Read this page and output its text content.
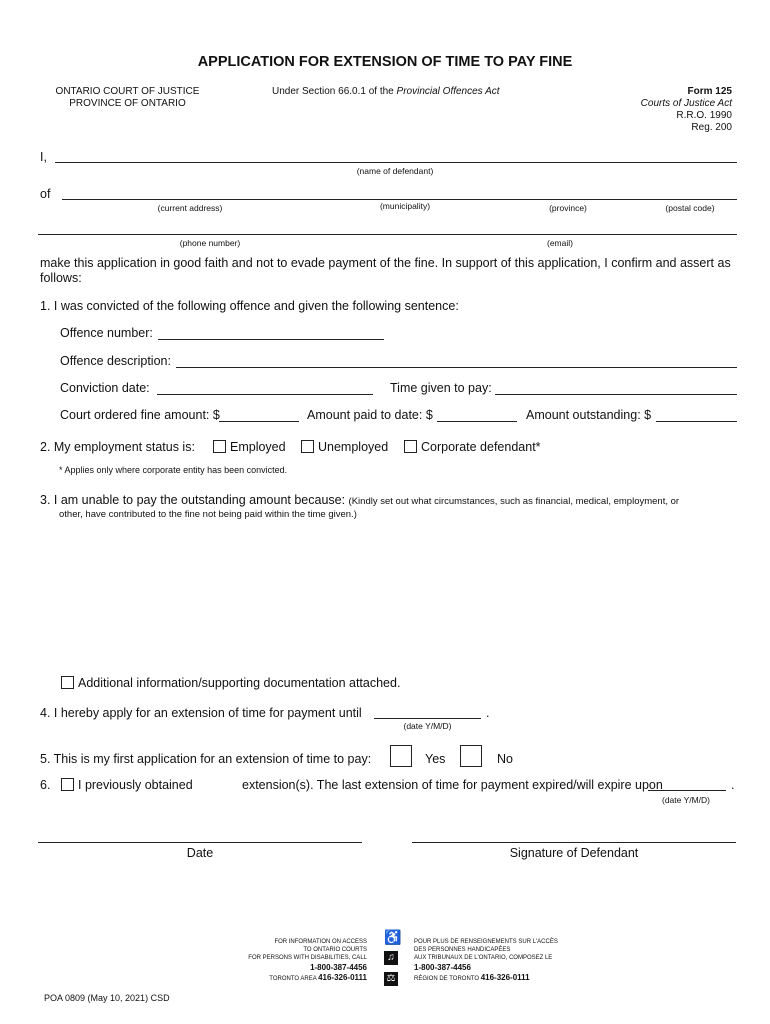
APPLICATION FOR EXTENSION OF TIME TO PAY FINE
ONTARIO COURT OF JUSTICE
PROVINCE OF ONTARIO
Under Section 66.0.1 of the Provincial Offences Act	Form 125
Courts of Justice Act
R.R.O. 1990
Reg. 200
I,
(name of defendant)
of
(current address)	(municipality)	(province)	(postal code)
(phone number)	(email)
make this application in good faith and not to evade payment of the fine. In support of this application, I confirm and assert as follows:
1. I was convicted of the following offence and given the following sentence:
Offence number:
Offence description:
Conviction date:	Time given to pay:
Court ordered fine amount: $	Amount paid to date: $	Amount outstanding: $
2. My employment status is:	Employed	Unemployed	Corporate defendant*
* Applies only where corporate entity has been convicted.
3. I am unable to pay the outstanding amount because: (Kindly set out what circumstances, such as financial, medical, employment, or
other, have contributed to the fine not being paid within the time given.)
Additional information/supporting documentation attached.
4. I hereby apply for an extension of time for payment until	.
(date Y/M/D)
5. This is my first application for an extension of time to pay:	Yes	No
6. I previously obtained	extension(s). The last extension of time for payment expired/will expire upon	.
(date Y/M/D)
Date	Signature of Defendant
FOR INFORMATION ON ACCESS
TO ONTARIO COURTS
FOR PERSONS WITH DISABILITIES, CALL
1-800-387-4456
TORONTO AREA 416-326-0111
♿
♫
⚖
POUR PLUS DE RENSEIGNEMENTS SUR L'ACCÈS
DES PERSONNES HANDICAPÉES
AUX TRIBUNAUX DE L'ONTARIO, COMPOSEZ LE
1-800-387-4456
RÉGION DE TORONTO 416-326-0111
POA 0809 (May 10, 2021) CSD
